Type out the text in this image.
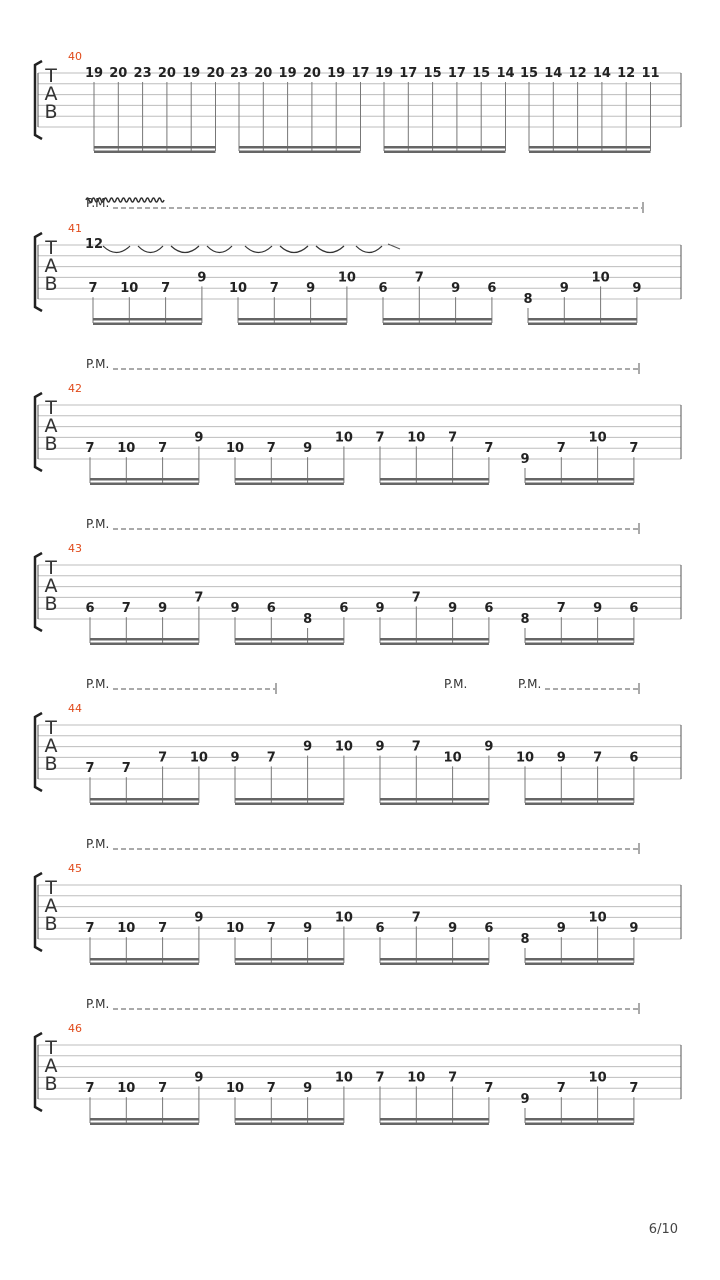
T
A
B
40
19 20 23 20 19 20 23 20 19 20 19 17 19 17 15 17 15 14 15 14 12 14 12 11
T
A
B
41
P.M.
12
7 10 7
9
10 7 9
10
6
7
9 6
8
9
10
9
T
A
B
42
P.M.
7 10 7
9
10 7 9
10 7 10 7
7
9
7
10
7
T
A
B
43
P.M.
6 7 9
7
9 6
8
6 9
7
9 6
8
7 9 6
T
A
B
44
P.M.	P.M.	P.M.
7 7
7 10 9 7
9 10 9 7
10
9
10 9 7 6
T
A
B
45
P.M.
7 10 7
9
10 7 9
10
6
7
9 6
8
9
10
9
T
A
B
46
P.M.
7 10 7
9
10 7 9
10 7 10 7
7
9
7
10
7
6/10
